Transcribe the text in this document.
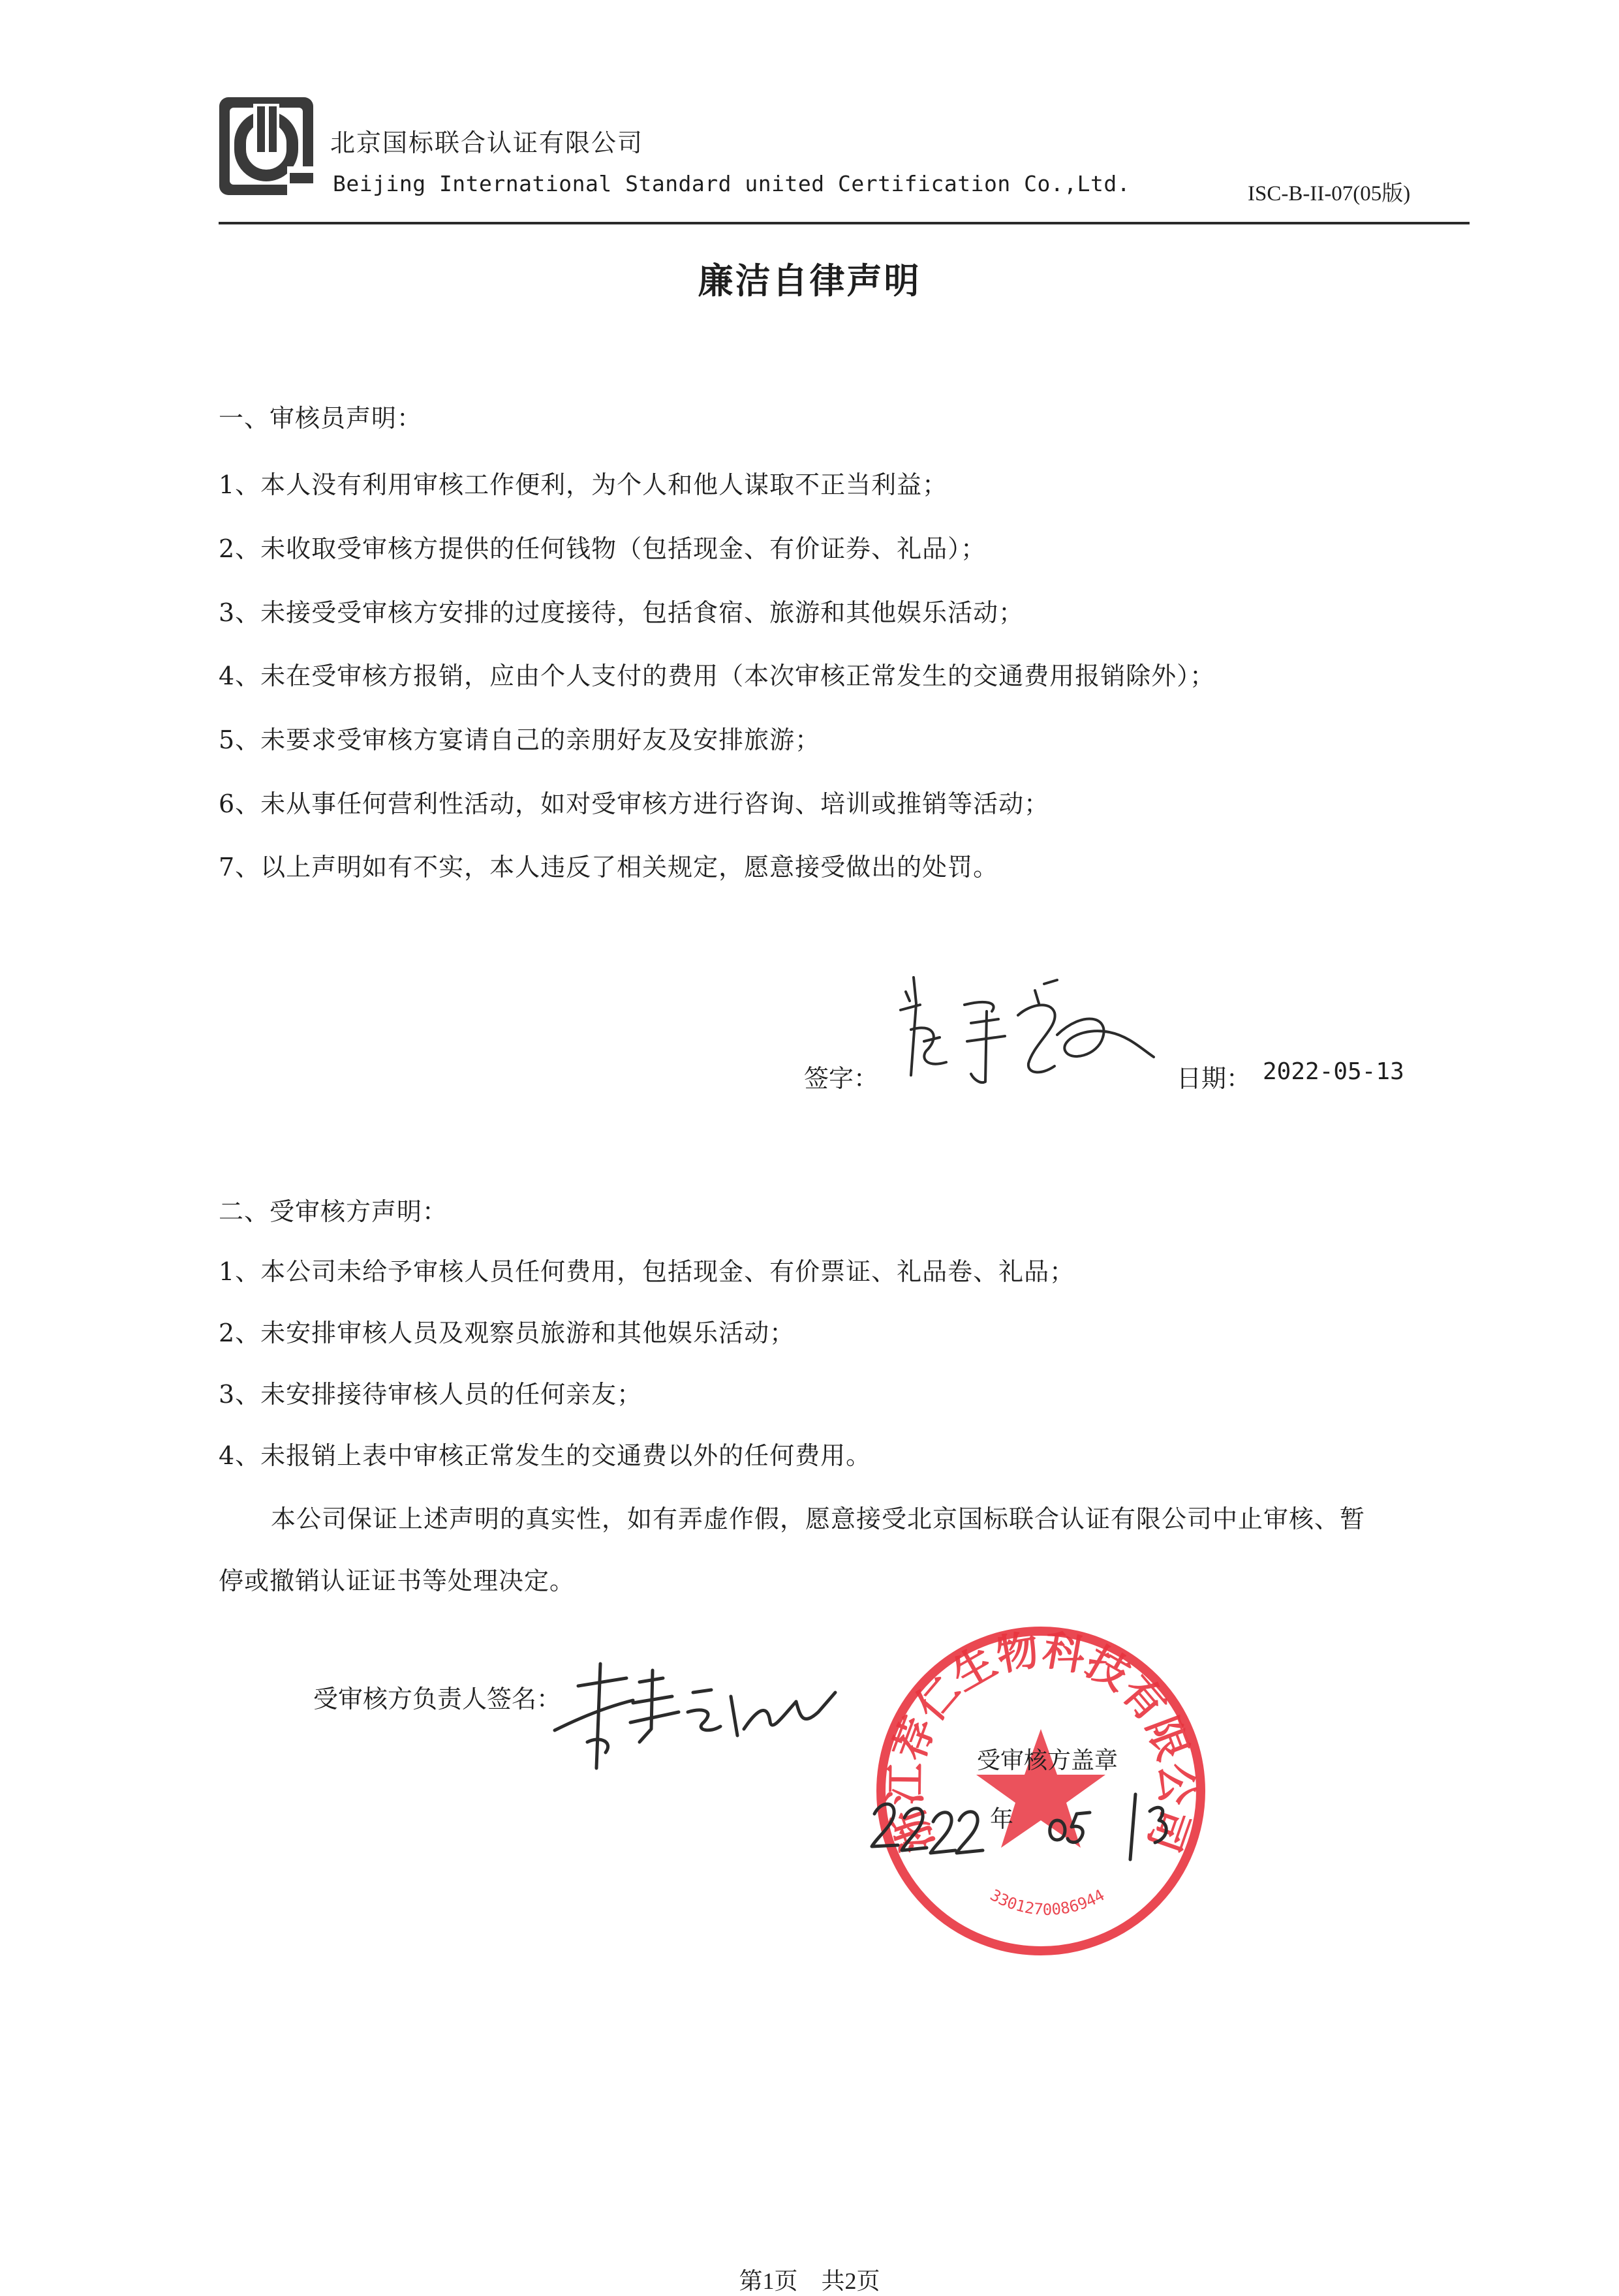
北京国标联合认证有限公司
Beijing International Standard united Certification Co.,Ltd.	ISC-B-II-07(05版)
廉洁自律声明
一、审核员声明：
1、本人没有利用审核工作便利，为个人和他人谋取不正当利益；
2、未收取受审核方提供的任何钱物（包括现金、有价证券、礼品）；
3、未接受受审核方安排的过度接待，包括食宿、旅游和其他娱乐活动；
4、未在受审核方报销，应由个人支付的费用（本次审核正常发生的交通费用报销除外）；
5、未要求受审核方宴请自己的亲朋好友及安排旅游；
6、未从事任何营利性活动，如对受审核方进行咨询、培训或推销等活动；
7、以上声明如有不实，本人违反了相关规定，愿意接受做出的处罚。
签字：	日期： 2022-05-13
二、受审核方声明：
1、本公司未给予审核人员任何费用，包括现金、有价票证、礼品卷、礼品；
2、未安排审核人员及观察员旅游和其他娱乐活动；
3、未安排接待审核人员的任何亲友；
4、未报销上表中审核正常发生的交通费以外的任何费用。
本公司保证上述声明的真实性，如有弄虚作假，愿意接受北京国标联合认证有限公司中止审核、暂
停或撤销认证证书等处理决定。
受审核方负责人签名：
浙江荐仁生物科技有限公司
3301270086944
受审核方盖章
年
第1页    共2页
